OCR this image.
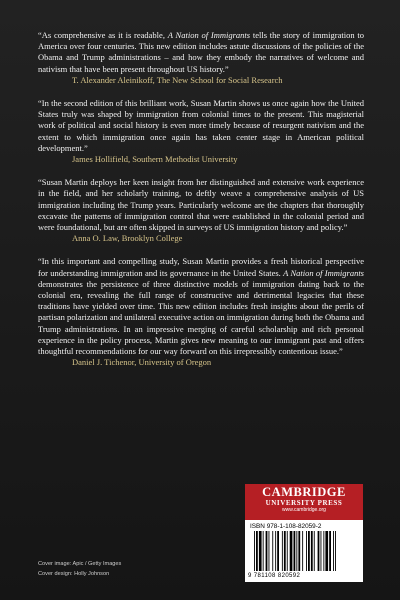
“As comprehensive as it is readable, A Nation of Immigrants tells the story of immigration to America over four centuries. This new edition includes astute discussions of the policies of the Obama and Trump administrations – and how they embody the narratives of welcome and nativism that have been present throughout US history.”

T. Alexander Aleinikoff, The New School for Social Research

“In the second edition of this brilliant work, Susan Martin shows us once again how the United States truly was shaped by immigration from colonial times to the present. This magisterial work of political and social history is even more timely because of resurgent nativism and the extent to which immigration once again has taken center stage in American political development.”

James Hollifield, Southern Methodist University

“Susan Martin deploys her keen insight from her distinguished and extensive work experience in the field, and her scholarly training, to deftly weave a comprehensive analysis of US immigration including the Trump years. Particularly welcome are the chapters that thoroughly excavate the patterns of immigration control that were established in the colonial period and were foundational, but are often skipped in surveys of US immigration history and policy.”

Anna O. Law, Brooklyn College

“In this important and compelling study, Susan Martin provides a fresh historical perspective for understanding immigration and its governance in the United States. A Nation of Immigrants demonstrates the persistence of three distinctive models of immigration dating back to the colonial era, revealing the full range of constructive and detrimental legacies that these traditions have yielded over time. This new edition includes fresh insights about the perils of partisan polarization and unilateral executive action on immigration during both the Obama and Trump administrations. In an impressive merging of careful scholarship and rich personal experience in the policy process, Martin gives new meaning to our immigrant past and offers thoughtful recommendations for our way forward on this irrepressibly contentious issue.”

Daniel J. Tichenor, University of Oregon

Cover image: Apic / Getty Images
Cover design: Holly Johnson
CAMBRIDGE
UNIVERSITY PRESS
www.cambridge.org
ISBN 978-1-108-82059-2
9 781108 820592
